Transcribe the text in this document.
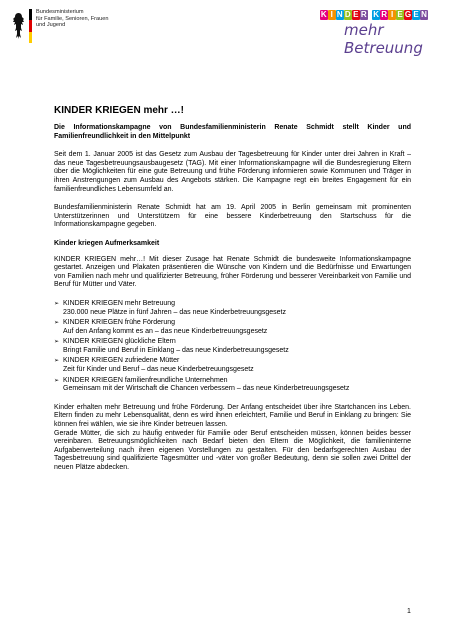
Bundesministerium
für Familie, Senioren, Frauen
und Jugend
K I N D E R K R I E G E N
mehr Betreuung
KINDER KRIEGEN mehr …!

Die Informationskampagne von Bundesfamilienministerin Renate Schmidt stellt Kinder und Familienfreundlichkeit in den Mittelpunkt

Seit dem 1. Januar 2005 ist das Gesetz zum Ausbau der Tagesbetreuung für Kinder unter drei Jahren in Kraft – das neue Tagesbetreuungsausbaugesetz (TAG). Mit einer Informationskampagne will die Bundesregierung Eltern über die Möglichkeiten für eine gute Betreuung und frühe Förderung informieren sowie Kommunen und Träger in ihren Anstrengungen zum Ausbau des Angebots stärken. Die Kampagne regt ein breites Engagement für ein familienfreundliches Lebensumfeld an.

Bundesfamilienministerin Renate Schmidt hat am 19. April 2005 in Berlin gemeinsam mit prominenten Unterstützerinnen und Unterstützern für eine bessere Kinderbetreuung den Startschuss für die Informationskampagne gegeben.

Kinder kriegen Aufmerksamkeit

KINDER KRIEGEN mehr…! Mit dieser Zusage hat Renate Schmidt die bundesweite Informationskampagne gestartet. Anzeigen und Plakaten präsentieren die Wünsche von Kindern und die Bedürfnisse und Erwartungen von Familien nach mehr und qualifizierter Betreuung, früher Förderung und besserer Vereinbarkeit von Familie und Beruf für Mütter und Väter.

➢ KINDER KRIEGEN mehr Betreuung
230.000 neue Plätze in fünf Jahren – das neue Kinderbetreuungsgesetz
➢ KINDER KRIEGEN frühe Förderung
Auf den Anfang kommt es an – das neue Kinderbetreuungsgesetz
➢ KINDER KRIEGEN glückliche Eltern
Bringt Familie und Beruf in Einklang – das neue Kinderbetreuungsgesetz
➢ KINDER KRIEGEN zufriedene Mütter
Zeit für Kinder und Beruf – das neue Kinderbetreuungsgesetz
➢ KINDER KRIEGEN familienfreundliche Unternehmen
Gemeinsam mit der Wirtschaft die Chancen verbessern – das neue Kinderbetreuungsgesetz

Kinder erhalten mehr Betreuung und frühe Förderung. Der Anfang entscheidet über ihre Startchancen ins Leben. Eltern finden zu mehr Lebensqualität, denn es wird ihnen erleichtert, Familie und Beruf in Einklang zu bringen: Sie können frei wählen, wie sie ihre Kinder betreuen lassen.

Gerade Mütter, die sich zu häufig entweder für Familie oder Beruf entscheiden müssen, können beides besser vereinbaren. Betreuungsmöglichkeiten nach Bedarf bieten den Eltern die Möglichkeit, die familieninterne Aufgabenverteilung nach ihren eigenen Vorstellungen zu gestalten. Für den bedarfsgerechten Ausbau der Tagesbetreuung sind qualifizierte Tagesmütter und -väter von großer Bedeutung, denn sie sollen zwei Drittel der neuen Plätze abdecken.

1
